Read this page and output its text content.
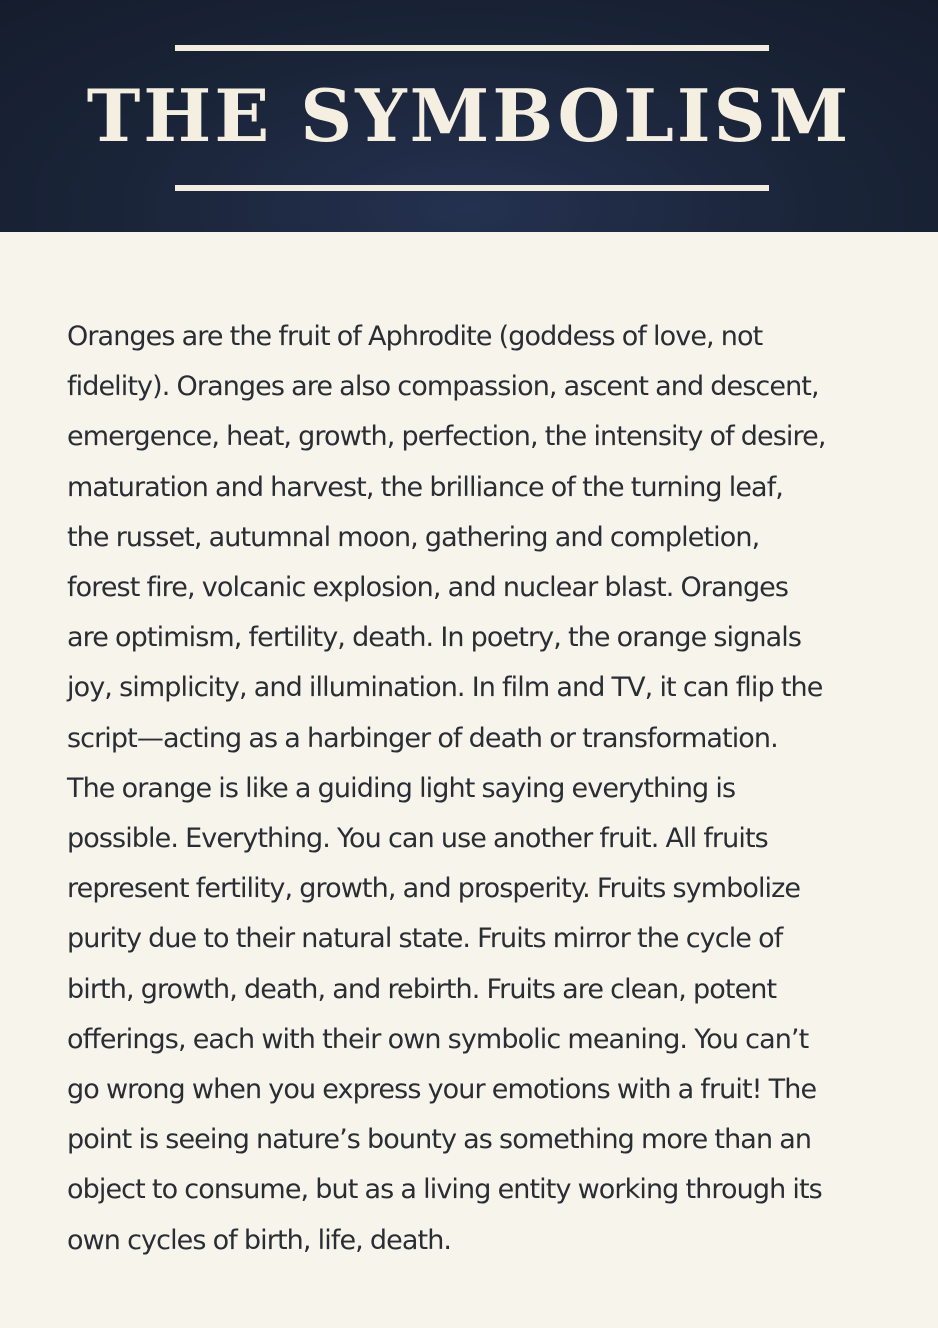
THE SYMBOLISM

Oranges are the fruit of Aphrodite (goddess of love, not
fidelity). Oranges are also compassion, ascent and descent,
emergence, heat, growth, perfection, the intensity of desire,
maturation and harvest, the brilliance of the turning leaf,
the russet, autumnal moon, gathering and completion,
forest fire, volcanic explosion, and nuclear blast. Oranges
are optimism, fertility, death. In poetry, the orange signals
joy, simplicity, and illumination. In film and TV, it can flip the
script—acting as a harbinger of death or transformation.
The orange is like a guiding light saying everything is
possible. Everything. You can use another fruit. All fruits
represent fertility, growth, and prosperity. Fruits symbolize
purity due to their natural state. Fruits mirror the cycle of
birth, growth, death, and rebirth. Fruits are clean, potent
offerings, each with their own symbolic meaning. You can’t
go wrong when you express your emotions with a fruit! The
point is seeing nature’s bounty as something more than an
object to consume, but as a living entity working through its
own cycles of birth, life, death.
